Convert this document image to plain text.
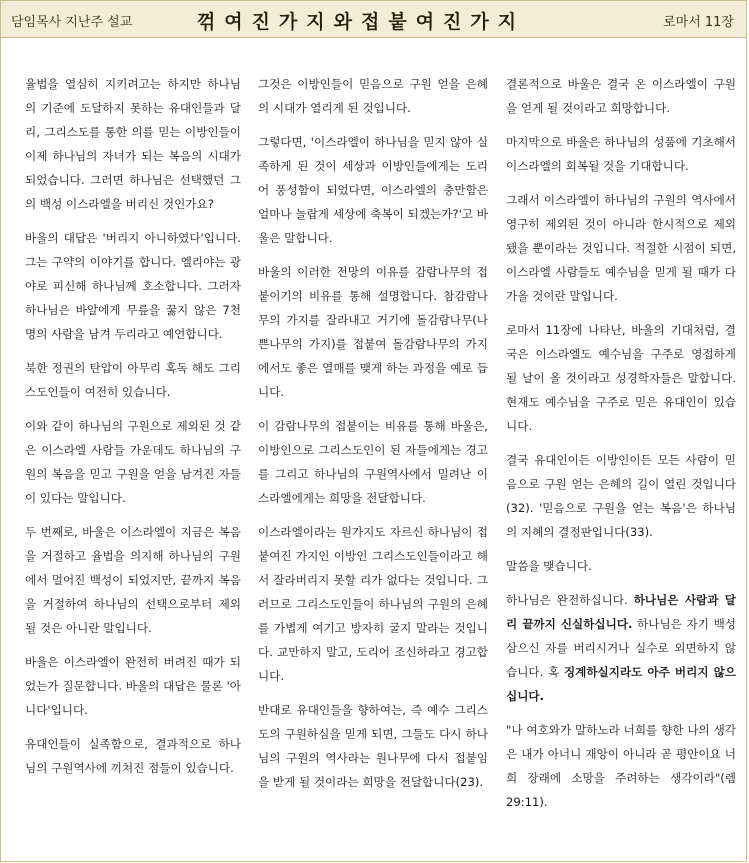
담임목사 지난주 설교	꺾여진가지와접붙여진가지	로마서 11장

율법을 열심히 지키려고는 하지만 하나님의 기준에 도달하지 못하는 유대인들과 달리, 그리스도를 통한 의를 믿는 이방인들이 이제 하나님의 자녀가 되는 복음의 시대가 되었습니다. 그러면 하나님은 선택했던 그의 백성 이스라엘을 버리신 것인가요?

바울의 대답은 '버리지 아니하였다'입니다. 그는 구약의 이야기를 합니다. 엘리야는 광야로 피신해 하나님께 호소합니다. 그러자 하나님은 바알에게 무릎을 꿇지 않은 7천명의 사람을 남겨 두리라고 예언합니다.

북한 정권의 탄압이 아무리 혹독 해도 그리스도인들이 여전히 있습니다.

이와 같이 하나님의 구원으로 제외된 것 같은 이스라엘 사람들 가운데도 하나님의 구원의 복음을 믿고 구원을 얻을 남겨진 자들이 있다는 말입니다.

두 번째로, 바울은 이스라엘이 지금은 복음을 거절하고 율법을 의지해 하나님의 구원에서 멀어진 백성이 되었지만, 끝까지 복음을 거절하여 하나님의 선택으로부터 제외될 것은 아니란 말입니다.

바울은 이스라엘이 완전히 버려진 때가 되었는가 질문합니다. 바울의 대답은 물론 '아니다'입니다.

유대인들이 실족함으로, 결과적으로 하나님의 구원역사에 끼쳐진 점들이 있습니다.

그것은 이방인들이 믿음으로 구원 얻을 은혜의 시대가 열리게 된 것입니다.

그렇다면, '이스라엘이 하나님을 믿지 않아 실족하게 된 것이 세상과 이방인들에게는 도리어 풍성함이 되었다면, 이스라엘의 충만함은 얼마나 놀랍게 세상에 축복이 되겠는가?'고 바울은 말합니다.

바울의 이러한 전망의 이유를 감람나무의 접붙이기의 비유를 통해 설명합니다. 참감람나무의 가지를 잘라내고 거기에 돌감람나무(나쁜나무의 가지)를 접붙여 돌감람나무의 가지에서도 좋은 열매를 맺게 하는 과정을 예로 듭니다.

이 감람나무의 접붙이는 비유를 통해 바울은, 이방인으로 그리스도인이 된 자들에게는 경고를 그리고 하나님의 구원역사에서 밀려난 이스라엘에게는 희망을 전달합니다.

이스라엘이라는 원가지도 자르신 하나님이 접붙여진 가지인 이방인 그리스도인들이라고 해서 잘라버리지 못할 리가 없다는 것입니다. 그러므로 그리스도인들이 하나님의 구원의 은혜를 가볍게 여기고 방자히 굴지 말라는 것입니다. 교만하지 말고, 도리어 조신하라고 경고합니다.

반대로 유대인들을 향하여는, 즉 예수 그리스도의 구원하심을 믿게 되면, 그들도 다시 하나님의 구원의 역사라는 원나무에 다시 접붙임을 받게 될 것이라는 희망을 전달합니다(23).

결론적으로 바울은 결국 온 이스라엘이 구원을 얻게 될 것이라고 희망합니다.

마지막으로 바울은 하나님의 성품에 기초해서 이스라엘의 회복될 것을 기대합니다.

그래서 이스라엘이 하나님의 구원의 역사에서 영구히 제외된 것이 아니라 한시적으로 제외됐을 뿐이라는 것입니다. 적절한 시점이 되면, 이스라엘 사람들도 예수님을 믿게 될 때가 다가올 것이란 말입니다.

로마서 11장에 나타난, 바울의 기대처럼, 결국은 이스라엘도 예수님을 구주로 영접하게 될 날이 올 것이라고 성경학자들은 말합니다. 현재도 예수님을 구주로 믿은 유대인이 있습니다.

결국 유대인이든 이방인이든 모든 사람이 믿음으로 구원 얻는 은혜의 길이 열린 것입니다(32). '믿음으로 구원을 얻는 복음'은 하나님의 지혜의 결정판입니다(33).

말씀을 맺습니다.

하나님은 완전하십니다. 하나님은 사람과 달리 끝까지 신실하십니다. 하나님은 자기 백성 삼으신 자를 버리시거나 실수로 외면하지 않습니다. 혹 징계하실지라도 아주 버리지 않으십니다.

"나 여호와가 말하노라 너희를 향한 나의 생각은 내가 아너니 재앙이 아니라 곧 평안이요 너희 장래에 소망을 주려하는 생각이라"(렘29:11).
